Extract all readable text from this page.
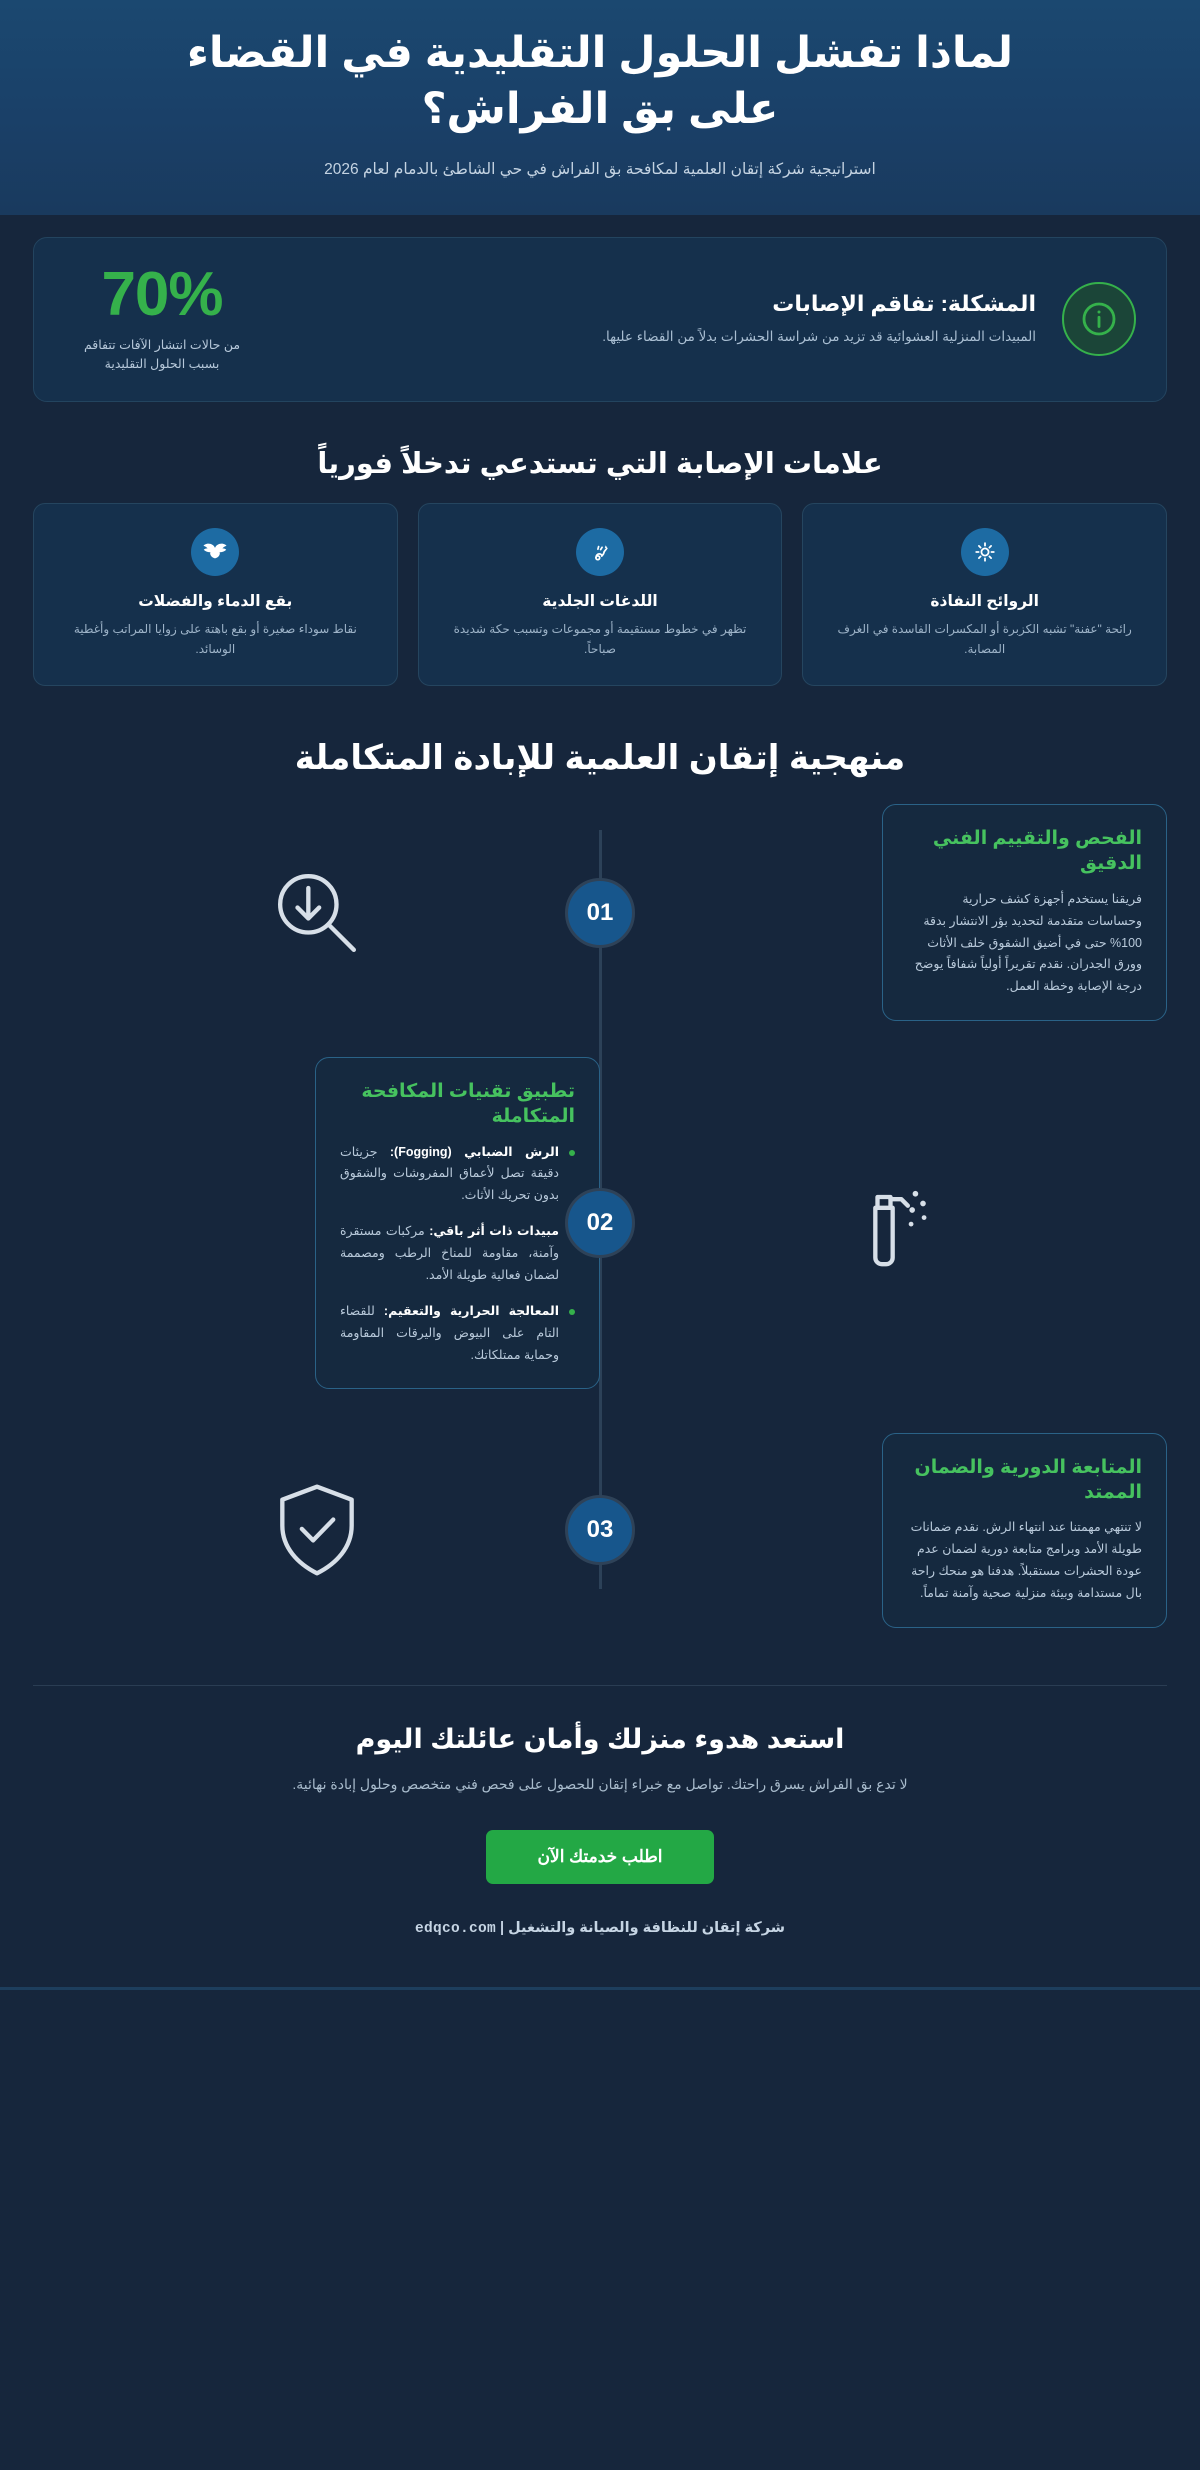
لماذا تفشل الحلول التقليدية في القضاء على بق الفراش؟

استراتيجية شركة إتقان العلمية لمكافحة بق الفراش في حي الشاطئ بالدمام لعام 2026

المشكلة: تفاقم الإصابات
المبيدات المنزلية العشوائية قد تزيد من شراسة الحشرات بدلاً من القضاء عليها.
70%
من حالات انتشار الآفات تتفاقم بسبب الحلول التقليدية
علامات الإصابة التي تستدعي تدخلاً فورياً
الروائح النفاذة
رائحة "عفنة" تشبه الكزبرة أو المكسرات الفاسدة في الغرف المصابة.
اللدغات الجلدية
تظهر في خطوط مستقيمة أو مجموعات وتسبب حكة شديدة صباحاً.
بقع الدماء والفضلات
نقاط سوداء صغيرة أو بقع باهتة على زوايا المراتب وأغطية الوسائد.
منهجية إتقان العلمية للإبادة المتكاملة
الفحص والتقييم الفني الدقيق
فريقنا يستخدم أجهزة كشف حرارية وحساسات متقدمة لتحديد بؤر الانتشار بدقة 100% حتى في أضيق الشقوق خلف الأثاث وورق الجدران. نقدم تقريراً أولياً شفافاً يوضح درجة الإصابة وخطة العمل.
01
تطبيق تقنيات المكافحة المتكاملة
الرش الضبابي (Fogging): جزيئات دقيقة تصل لأعماق المفروشات والشقوق بدون تحريك الأثاث.
مبيدات ذات أثر باقي: مركبات مستقرة وآمنة، مقاومة للمناخ الرطب ومصممة لضمان فعالية طويلة الأمد.
المعالجة الحرارية والتعقيم: للقضاء التام على البيوض واليرقات المقاومة وحماية ممتلكاتك.
02
المتابعة الدورية والضمان الممتد
لا تنتهي مهمتنا عند انتهاء الرش. نقدم ضمانات طويلة الأمد وبرامج متابعة دورية لضمان عدم عودة الحشرات مستقبلاً. هدفنا هو منحك راحة بال مستدامة وبيئة منزلية صحية وآمنة تماماً.
03
استعد هدوء منزلك وأمان عائلتك اليوم

لا تدع بق الفراش يسرق راحتك. تواصل مع خبراء إتقان للحصول على فحص فني متخصص وحلول إبادة نهائية.

اطلب خدمتك الآن
شركة إتقان للنظافة والصيانة والتشغيل | edqco.com
